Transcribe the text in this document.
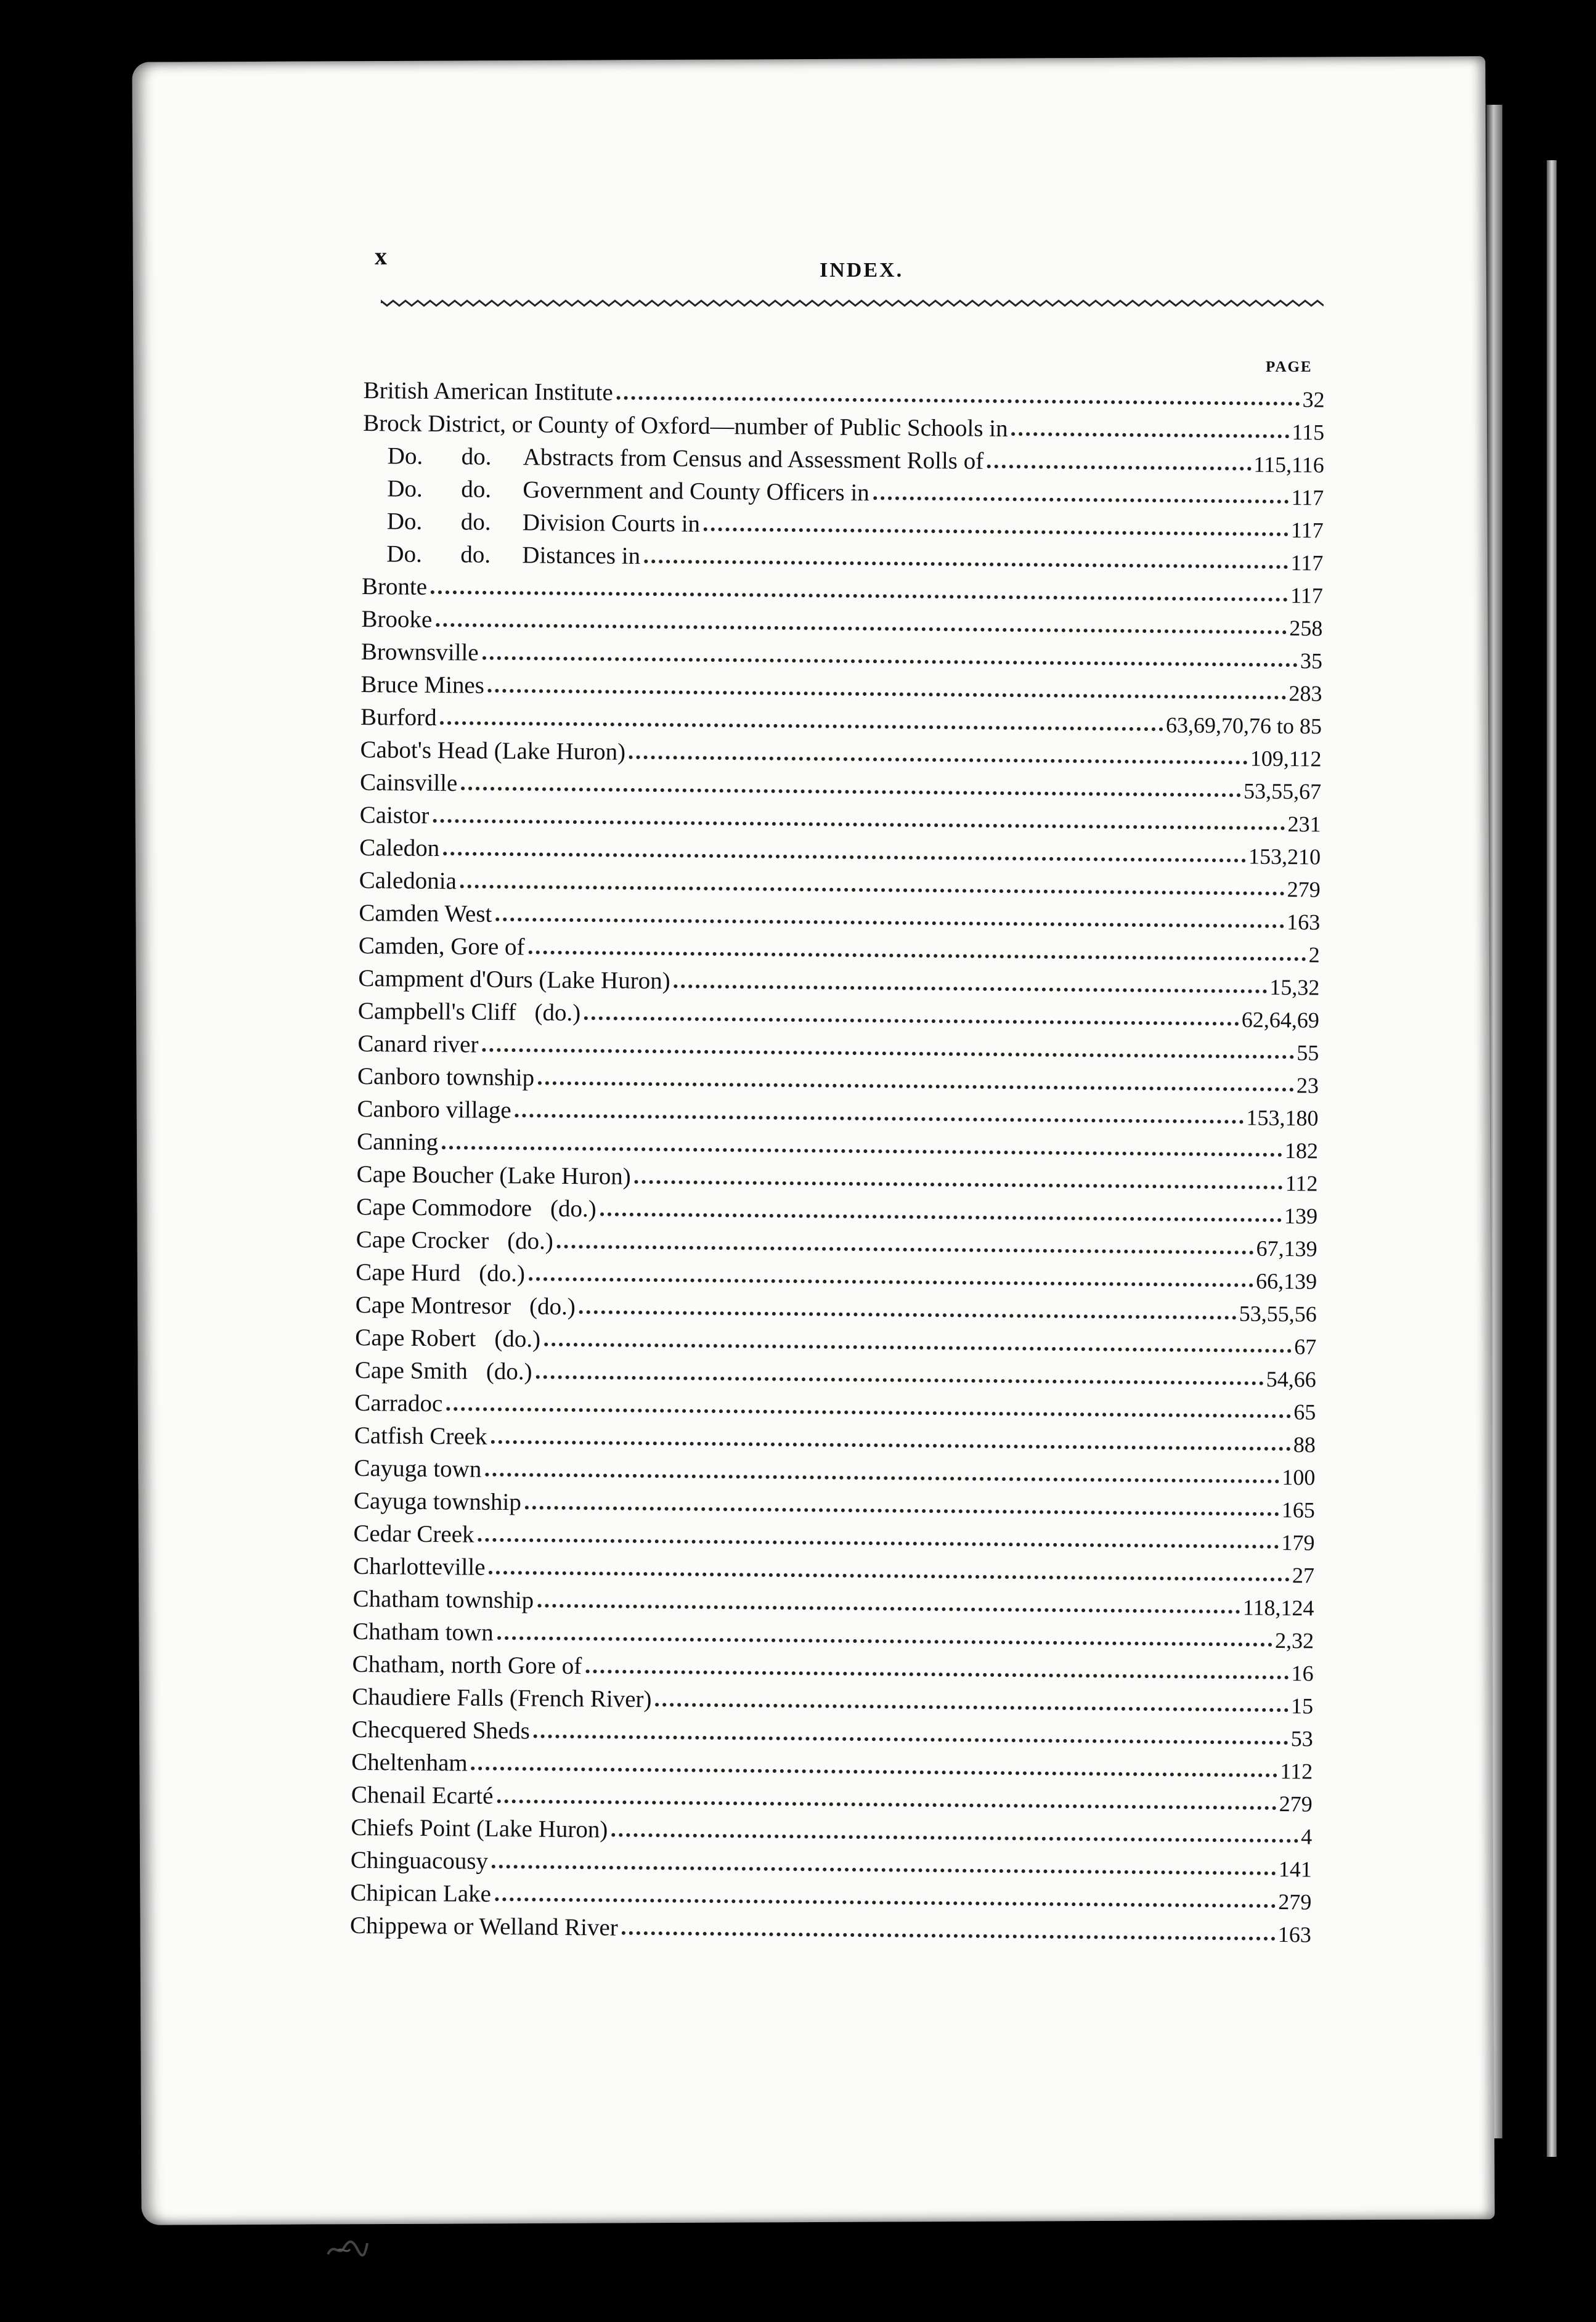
x
INDEX.
PAGE
British American Institute	32
Brock District, or County of Oxford—number of Public Schools in	115
Do. do. Abstracts from Census and Assessment Rolls of	115,116
Do. do. Government and County Officers in	117
Do. do. Division Courts in	117
Do. do. Distances in	117
Bronte	117
Brooke	258
Brownsville	35
Bruce Mines	283
Burford	63,69,70,76 to 85
Cabot's Head (Lake Huron)	109,112
Cainsville	53,55,67
Caistor	231
Caledon	153,210
Caledonia	279
Camden West	163
Camden, Gore of	2
Campment d'Ours (Lake Huron)	15,32
Campbell's Cliff (do.)	62,64,69
Canard river	55
Canboro township	23
Canboro village	153,180
Canning	182
Cape Boucher (Lake Huron)	112
Cape Commodore (do.)	139
Cape Crocker (do.)	67,139
Cape Hurd (do.)	66,139
Cape Montresor (do.)	53,55,56
Cape Robert (do.)	67
Cape Smith (do.)	54,66
Carradoc	65
Catfish Creek	88
Cayuga town	100
Cayuga township	165
Cedar Creek	179
Charlotteville	27
Chatham township	118,124
Chatham town	2,32
Chatham, north Gore of	16
Chaudiere Falls (French River)	15
Checquered Sheds	53
Cheltenham	112
Chenail Ecarté	279
Chiefs Point (Lake Huron)	4
Chinguacousy	141
Chipican Lake	279
Chippewa or Welland River	163
